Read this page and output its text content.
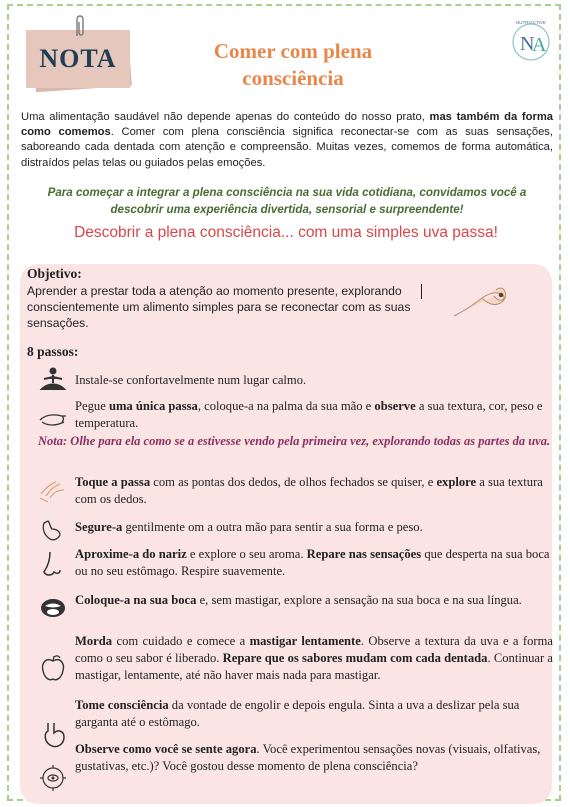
NOTA	Comer com plena
consciência
N
A
NUTRIACTIVE
Uma alimentação saudável não depende apenas do conteúdo do nosso prato, mas também da forma como comemos. Comer com plena consciência significa reconectar-se com as suas sensações, saboreando cada dentada com atenção e compreensão. Muitas vezes, comemos de forma automática, distraídos pelas telas ou guiados pelas emoções.
Para começar a integrar a plena consciência na sua vida cotidiana, convidamos você a descobrir uma experiência divertida, sensorial e surpreendente!
Descobrir a plena consciência... com uma simples uva passa!
Objetivo:
Aprender a prestar toda a atenção ao momento presente, explorando conscientemente um alimento simples para se reconectar com as suas sensações.
8 passos:
Instale-se confortavelmente num lugar calmo.
Pegue uma única passa, coloque-a na palma da sua mão e observe a sua textura, cor, peso e temperatura.
Nota: Olhe para ela como se a estivesse vendo pela primeira vez, explorando todas as partes da uva.
Toque a passa com as pontas dos dedos, de olhos fechados se quiser, e explore a sua textura com os dedos.
Segure-a gentilmente om a outra mão para sentir a sua forma e peso.
Aproxime-a do nariz e explore o seu aroma. Repare nas sensações que desperta na sua boca ou no seu estômago. Respire suavemente.
Coloque-a na sua boca e, sem mastigar, explore a sensação na sua boca e na sua língua.
Morda com cuidado e comece a mastigar lentamente. Observe a textura da uva e a forma como o seu sabor é liberado. Repare que os sabores mudam com cada dentada. Continuar a mastigar, lentamente, até não haver mais nada para mastigar.
Tome consciência da vontade de engolir e depois engula. Sinta a uva a deslizar pela sua garganta até o estômago.
Observe como você se sente agora. Você experimentou sensações novas (visuais, olfativas, gustativas, etc.)? Você gostou desse momento de plena consciência?
